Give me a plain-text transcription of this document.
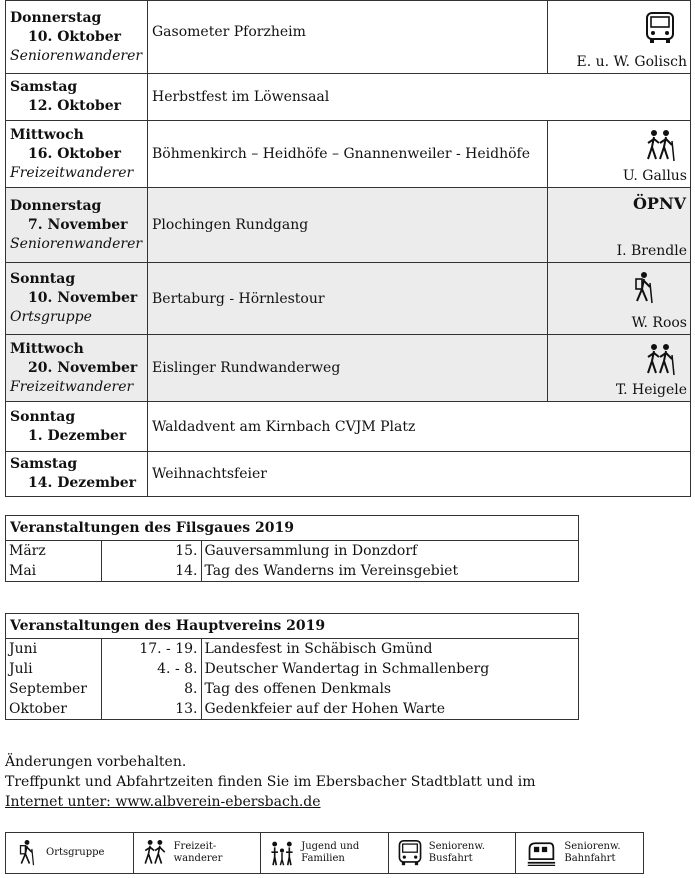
Donnerstag
10. Oktober
Seniorenwanderer	Gasometer Pforzheim	E. u. W. Golisch

Samstag
12. Oktober	Herbstfest im Löwensaal	

Mittwoch
16. Oktober
Freizeitwanderer	Böhmenkirch – Heidhöfe – Gnannenweiler - Heidhöfe	U. Gallus

Donnerstag
7. November
Seniorenwanderer	Plochingen Rundgang	ÖPNV
I. Brendle

Sonntag
10. November
Ortsgruppe	Bertaburg - Hörnlestour	W. Roos

Mittwoch
20. November
Freizeitwanderer	Eislinger Rundwanderweg	T. Heigele

Sonntag
1. Dezember	Waldadvent am Kirnbach CVJM Platz	

Samstag
14. Dezember	Weihnachtsfeier	
Veranstaltungen des Filsgaues 2019
März	15.	Gauversammlung in Donzdorf
Mai	14.	Tag des Wanderns im Vereinsgebiet
Veranstaltungen des Hauptvereins 2019
Juni	17. - 19.	Landesfest in Schäbisch Gmünd
Juli	4. - 8.	Deutscher Wandertag in Schmallenberg
September	8.	Tag des offenen Denkmals
Oktober	13.	Gedenkfeier auf der Hohen Warte
Änderungen vorbehalten.
Treffpunkt und Abfahrtzeiten finden Sie im Ebersbacher Stadtblatt und im
Internet unter: www.albverein-ebersbach.de
Ortsgruppe
Freizeit-
wanderer
Jugend und
Familien
Seniorenw.
Busfahrt
Seniorenw.
Bahnfahrt
